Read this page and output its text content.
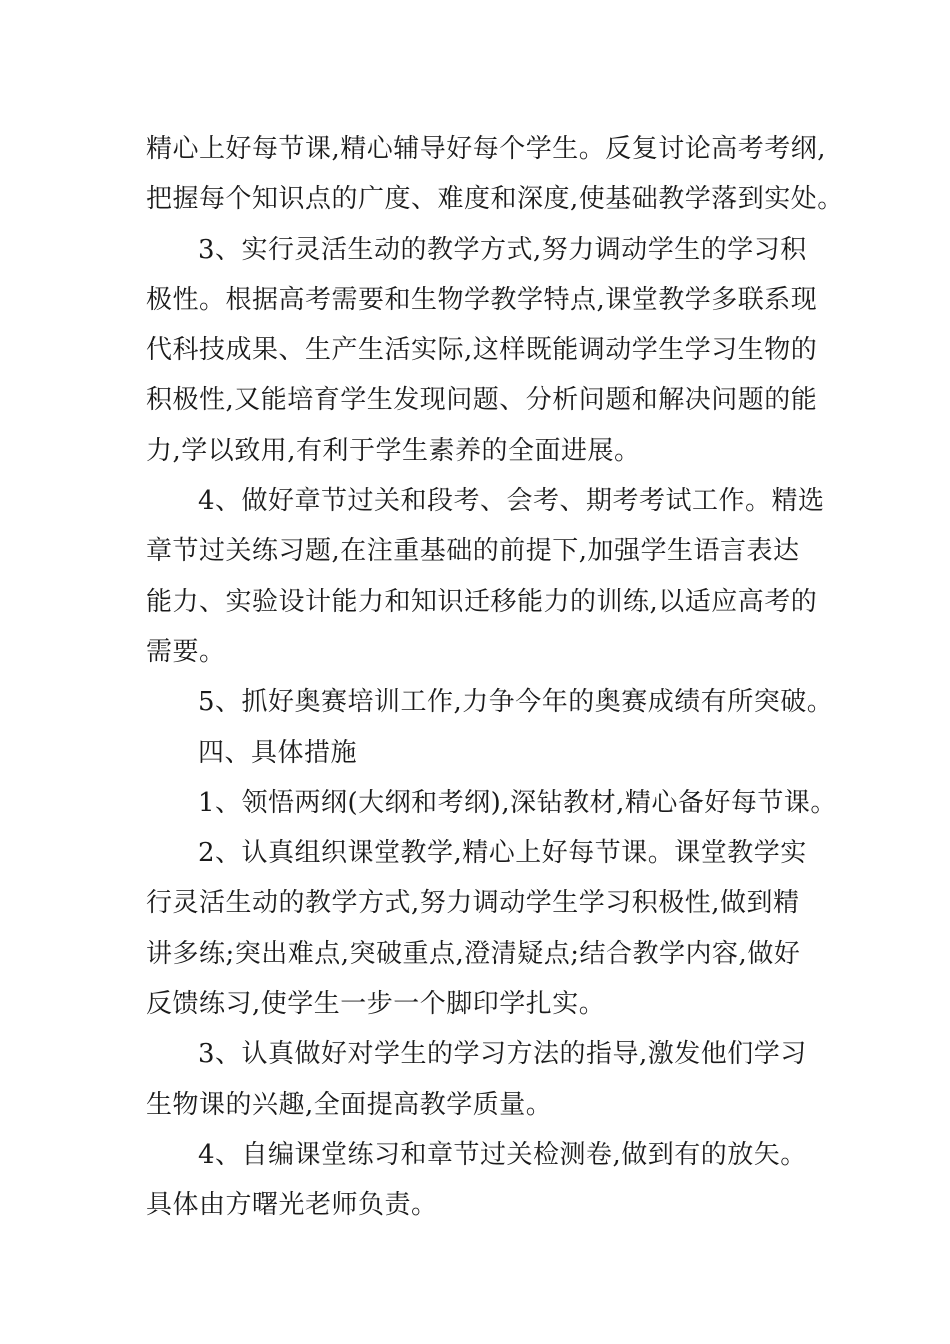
精心上好每节课,精心辅导好每个学生。反复讨论高考考纲,
把握每个知识点的广度、难度和深度,使基础教学落到实处。
3、实行灵活生动的教学方式,努力调动学生的学习积
极性。根据高考需要和生物学教学特点,课堂教学多联系现
代科技成果、生产生活实际,这样既能调动学生学习生物的
积极性,又能培育学生发现问题、分析问题和解决问题的能
力,学以致用,有利于学生素养的全面进展。
4、做好章节过关和段考、会考、期考考试工作。精选
章节过关练习题,在注重基础的前提下,加强学生语言表达
能力、实验设计能力和知识迁移能力的训练,以适应高考的
需要。
5、抓好奥赛培训工作,力争今年的奥赛成绩有所突破。
四、具体措施
1、领悟两纲(大纲和考纲),深钻教材,精心备好每节课。
2、认真组织课堂教学,精心上好每节课。课堂教学实
行灵活生动的教学方式,努力调动学生学习积极性,做到精
讲多练;突出难点,突破重点,澄清疑点;结合教学内容,做好
反馈练习,使学生一步一个脚印学扎实。
3、认真做好对学生的学习方法的指导,激发他们学习
生物课的兴趣,全面提高教学质量。
4、自编课堂练习和章节过关检测卷,做到有的放矢。
具体由方曙光老师负责。
